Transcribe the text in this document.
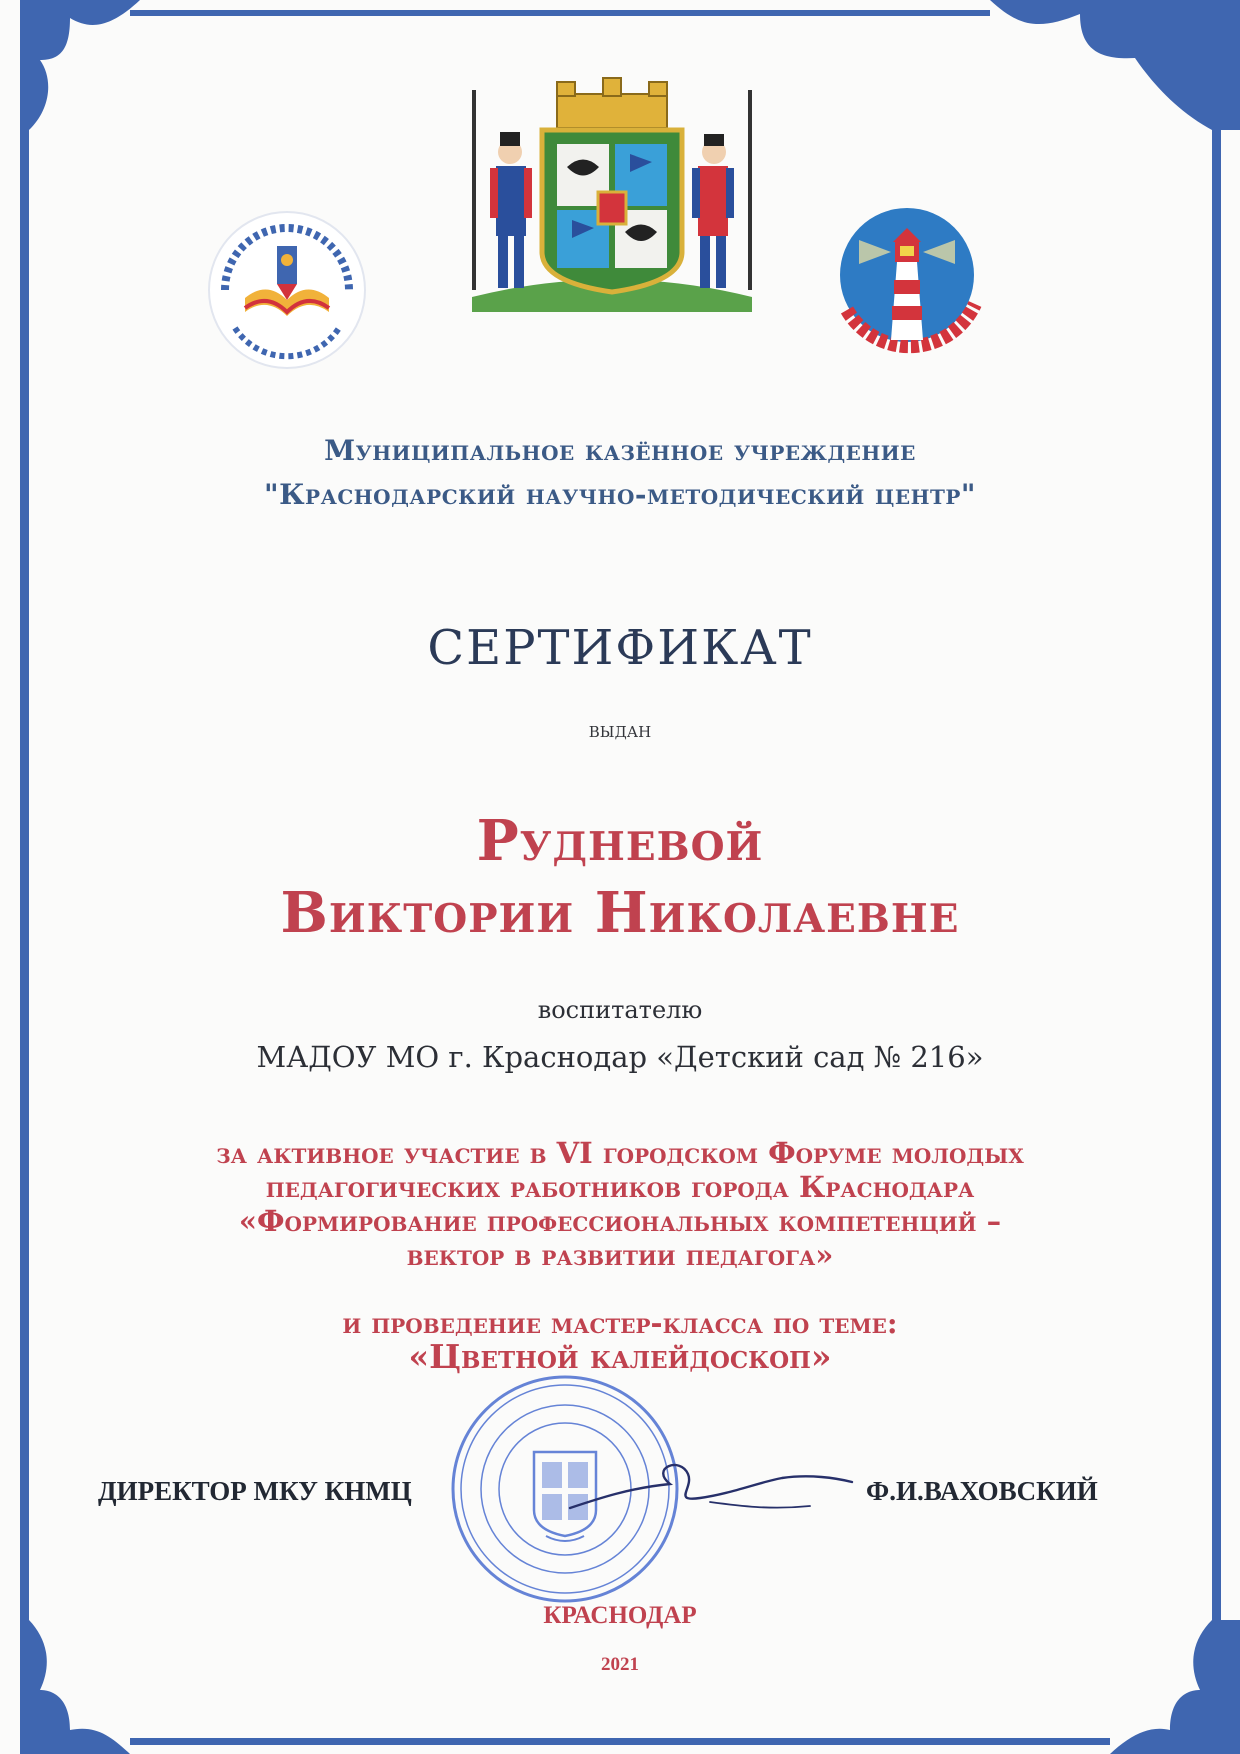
Муниципальное казённое учреждение

"Краснодарский научно-методический центр"

СЕРТИФИКАТ

выдан

Рудневой

Виктории Николаевне

воспитателю

МАДОУ МО г. Краснодар «Детский сад № 216»

за активное участие в VI городском Форуме молодых

педагогических работников города Краснодара

«Формирование профессиональных компетенций –

вектор в развитии педагога»

и проведение мастер-класса по теме:

«Цветной калейдоскоп»

ДИРЕКТОР МКУ КНМЦ	Ф.И.ВАХОВСКИЙ

КРАСНОДАР

2021
